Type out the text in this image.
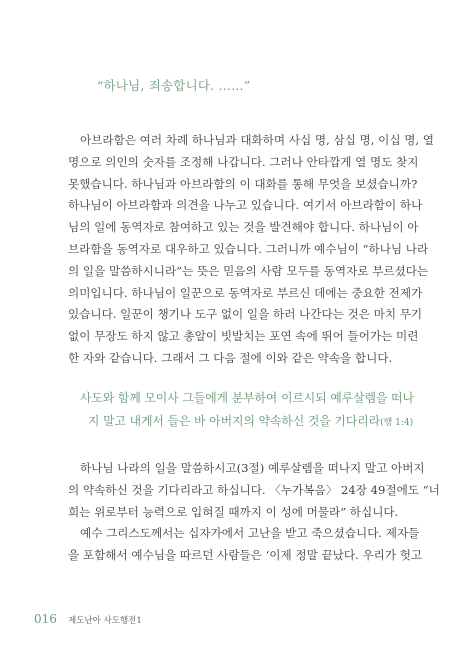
“하나님, 죄송합니다. ……”
아브라함은 여러 차례 하나님과 대화하며 사십 명, 삼십 명, 이십 명, 열
명으로 의인의 숫자를 조정해 나갑니다. 그러나 안타깝게 열 명도 찾지
못했습니다. 하나님과 아브라함의 이 대화를 통해 무엇을 보셨습니까?
하나님이 아브라함과 의견을 나누고 있습니다. 여기서 아브라함이 하나
님의 일에 동역자로 참여하고 있는 것을 발견해야 합니다. 하나님이 아
브라함을 동역자로 대우하고 있습니다. 그러니까 예수님이 “하나님 나라
의 일을 말씀하시니라”는 뜻은 믿음의 사람 모두를 동역자로 부르셨다는
의미입니다. 하나님이 일꾼으로 동역자로 부르신 데에는 중요한 전제가
있습니다. 일꾼이 챙기나 도구 없이 일을 하러 나간다는 것은 마치 무기
없이 무장도 하지 않고 총알이 빗발치는 포연 속에 뛰어 들어가는 미련
한 자와 같습니다. 그래서 그 다음 절에 이와 같은 약속을 합니다.
사도와 함께 모이사 그들에게 분부하여 이르시되 예루살렘을 떠나
지 말고 내게서 들은 바 아버지의 약속하신 것을 기다리라(행 1:4)
하나님 나라의 일을 말씀하시고(3절) 예루살렘을 떠나지 말고 아버지
의 약속하신 것을 기다리라고 하십니다. 〈누가복음〉 24장 49절에도 “너
희는 위로부터 능력으로 입혀질 때까지 이 성에 머물라” 하십니다.
예수 그리스도께서는 십자가에서 고난을 받고 죽으셨습니다. 제자들
을 포함해서 예수님을 따르던 사람들은 ‘이제 정말 끝났다. 우리가 헛고
016 제도난아 사도행전1
